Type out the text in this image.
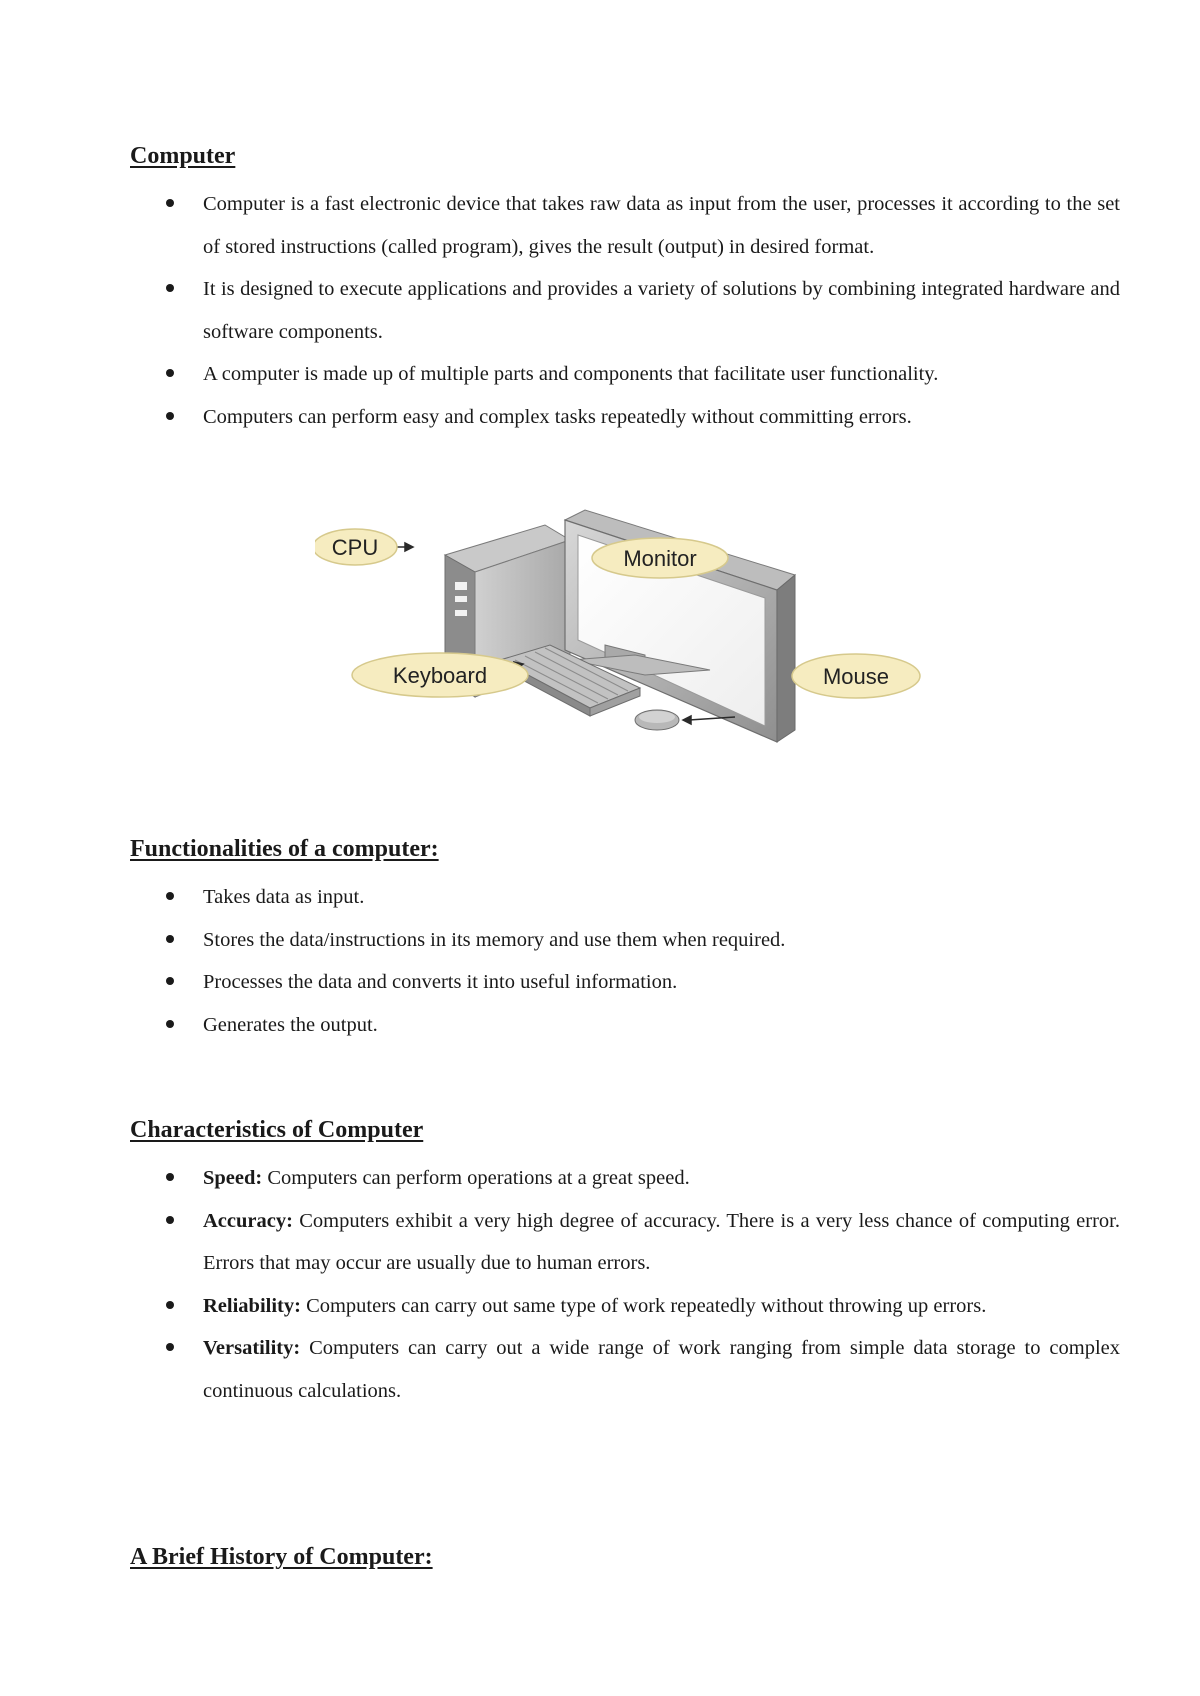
Computer
Computer is a fast electronic device that takes raw data as input from the user, processes it according to the set of stored instructions (called program), gives the result (output) in desired format.
It is designed to execute applications and provides a variety of solutions by combining integrated hardware and software components.
A computer is made up of multiple parts and components that facilitate user functionality.
Computers can perform easy and complex tasks repeatedly without committing errors.
CPU	Monitor
Keyboard	Mouse
Functionalities of a computer:
Takes data as input.
Stores the data/instructions in its memory and use them when required.
Processes the data and converts it into useful information.
Generates the output.
Characteristics of Computer
Speed: Computers can perform operations at a great speed.
Accuracy: Computers exhibit a very high degree of accuracy. There is a very less chance of computing error. Errors that may occur are usually due to human errors.
Reliability: Computers can carry out same type of work repeatedly without throwing up errors.
Versatility: Computers can carry out a wide range of work ranging from simple data storage to complex continuous calculations.
A Brief History of Computer:
